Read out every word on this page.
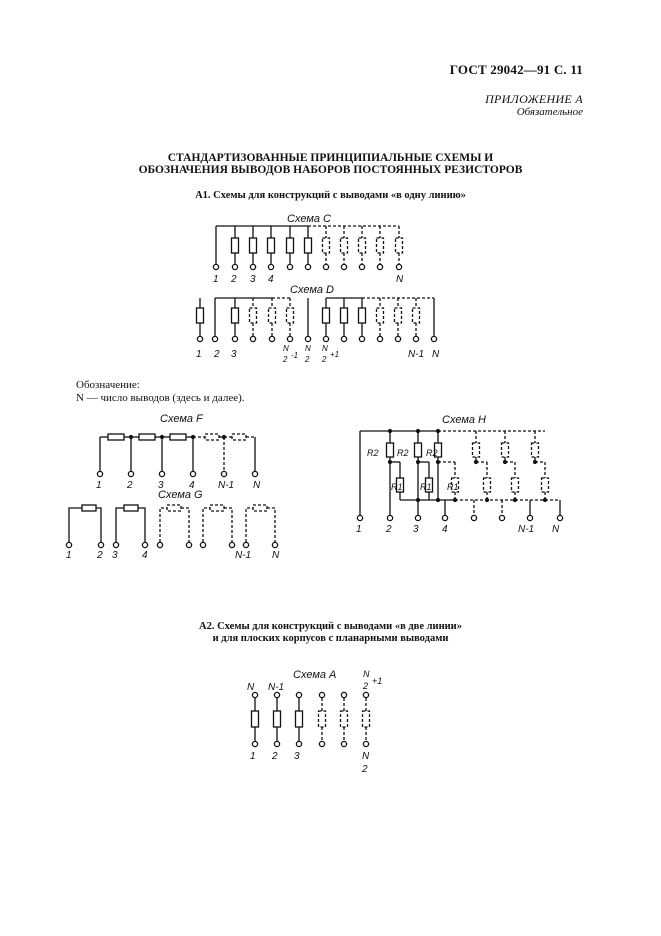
ГОСТ 29042—91 С. 11
ПРИЛОЖЕНИЕ А
Обязательное
СТАНДАРТИЗОВАННЫЕ ПРИНЦИПИАЛЬНЫЕ СХЕМЫ И
ОБОЗНАЧЕНИЯ ВЫВОДОВ НАБОРОВ ПОСТОЯННЫХ РЕЗИСТОРОВ
А1. Схемы для конструкций с выводами «в одну линию»
Обозначение:
N — число выводов (здесь и далее).
А2. Схемы для конструкций с выводами «в две линии»
и для плоских корпусов с планарными выводами
Схема C
1 2 3 4	N
Схема D
1 2 3
N
2 -1
N
2
N
2
+1	N-1 N
Схема F
1	2	3	4 N-1 N
Схема G
1	2 3 4	N-1 N
Схема H
R2 R2 R2
R1 R1 R1
1 2 3 4	N-1 N
Схема A
N N-1
N
2 +1
1 2 3	N
2
